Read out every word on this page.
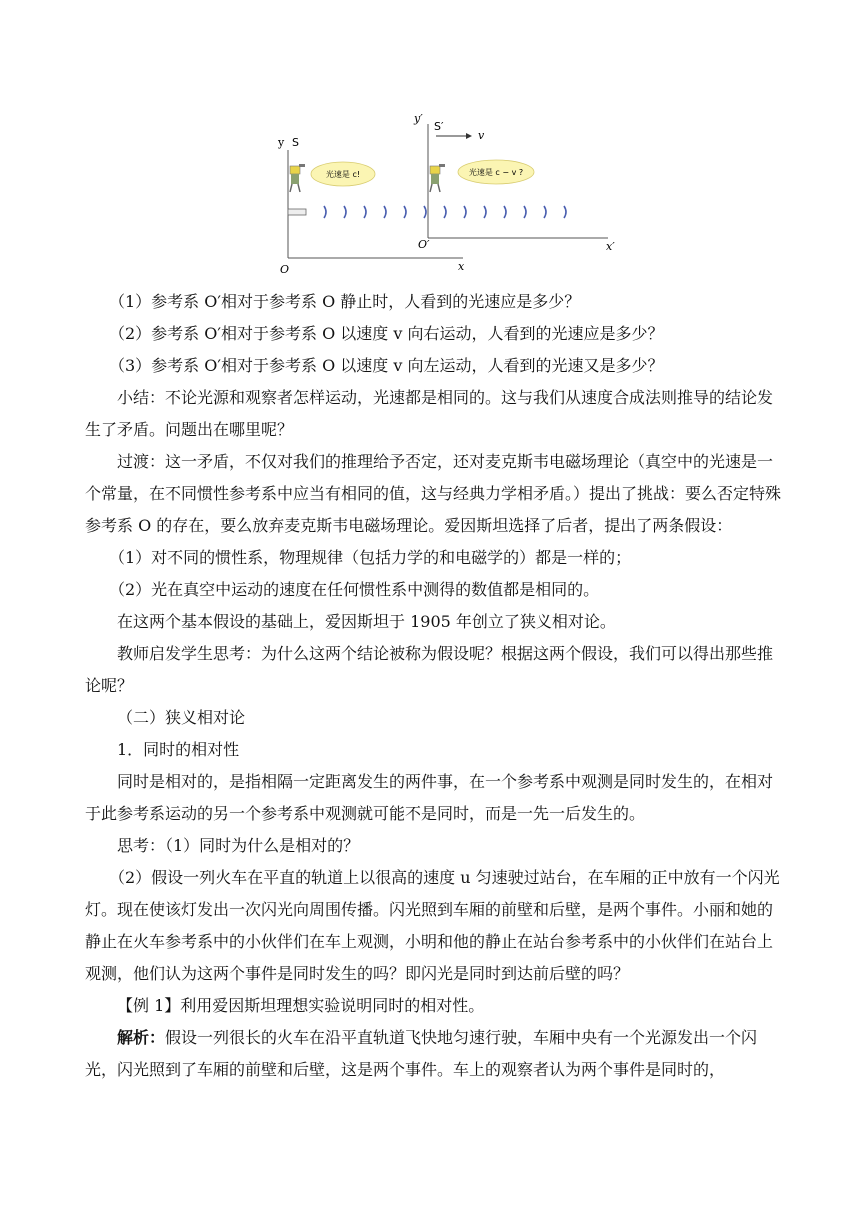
y S
O	x
y′
S′
v
O′	x′
光速是 c!	光速是 c − v ?

（1）参考系 O′相对于参考系 O 静止时，人看到的光速应是多少？

（2）参考系 O′相对于参考系 O 以速度 v 向右运动，人看到的光速应是多少？

（3）参考系 O′相对于参考系 O 以速度 v 向左运动，人看到的光速又是多少？

小结：不论光源和观察者怎样运动，光速都是相同的。这与我们从速度合成法则推导的结论发生了矛盾。问题出在哪里呢？

过渡：这一矛盾，不仅对我们的推理给予否定，还对麦克斯韦电磁场理论（真空中的光速是一个常量，在不同惯性参考系中应当有相同的值，这与经典力学相矛盾。）提出了挑战：要么否定特殊参考系 O 的存在，要么放弃麦克斯韦电磁场理论。爱因斯坦选择了后者，提出了两条假设：

（1）对不同的惯性系，物理规律（包括力学的和电磁学的）都是一样的；

（2）光在真空中运动的速度在任何惯性系中测得的数值都是相同的。

在这两个基本假设的基础上，爱因斯坦于 1905 年创立了狭义相对论。

教师启发学生思考：为什么这两个结论被称为假设呢？根据这两个假设，我们可以得出那些推论呢？

（二）狭义相对论

1．同时的相对性

同时是相对的，是指相隔一定距离发生的两件事，在一个参考系中观测是同时发生的，在相对于此参考系运动的另一个参考系中观测就可能不是同时，而是一先一后发生的。

思考：（1）同时为什么是相对的？

（2）假设一列火车在平直的轨道上以很高的速度 u 匀速驶过站台，在车厢的正中放有一个闪光灯。现在使该灯发出一次闪光向周围传播。闪光照到车厢的前壁和后壁，是两个事件。小丽和她的静止在火车参考系中的小伙伴们在车上观测，小明和他的静止在站台参考系中的小伙伴们在站台上观测，他们认为这两个事件是同时发生的吗？即闪光是同时到达前后壁的吗？

【例 1】利用爱因斯坦理想实验说明同时的相对性。

解析：假设一列很长的火车在沿平直轨道飞快地匀速行驶，车厢中央有一个光源发出一个闪光，闪光照到了车厢的前壁和后壁，这是两个事件。车上的观察者认为两个事件是同时的，
